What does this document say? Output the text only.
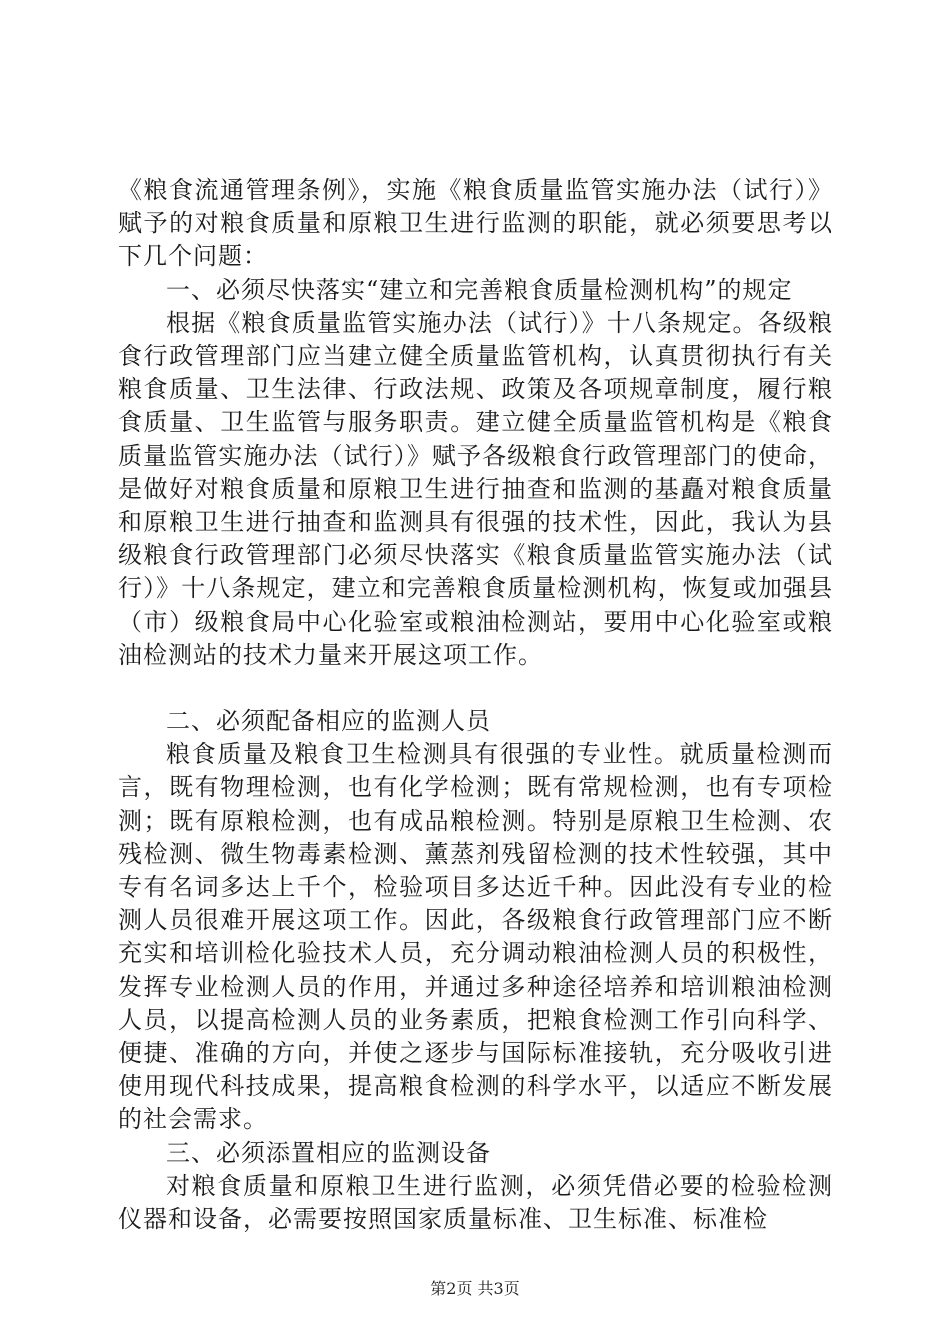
《粮食流通管理条例》，实施《粮食质量监管实施办法（试行）》赋予的对粮食质量和原粮卫生进行监测的职能，就必须要思考以下几个问题：

一、必须尽快落实“建立和完善粮食质量检测机构”的规定

根据《粮食质量监管实施办法（试行）》十八条规定。各级粮食行政管理部门应当建立健全质量监管机构，认真贯彻执行有关粮食质量、卫生法律、行政法规、政策及各项规章制度，履行粮食质量、卫生监管与服务职责。建立健全质量监管机构是《粮食质量监管实施办法（试行）》赋予各级粮食行政管理部门的使命，是做好对粮食质量和原粮卫生进行抽查和监测的基矗对粮食质量和原粮卫生进行抽查和监测具有很强的技术性，因此，我认为县级粮食行政管理部门必须尽快落实《粮食质量监管实施办法（试行）》十八条规定，建立和完善粮食质量检测机构，恢复或加强县（市）级粮食局中心化验室或粮油检测站，要用中心化验室或粮油检测站的技术力量来开展这项工作。

二、必须配备相应的监测人员

粮食质量及粮食卫生检测具有很强的专业性。就质量检测而言，既有物理检测，也有化学检测；既有常规检测，也有专项检测；既有原粮检测，也有成品粮检测。特别是原粮卫生检测、农残检测、微生物毒素检测、薰蒸剂残留检测的技术性较强，其中专有名词多达上千个，检验项目多达近千种。因此没有专业的检测人员很难开展这项工作。因此，各级粮食行政管理部门应不断充实和培训检化验技术人员，充分调动粮油检测人员的积极性，发挥专业检测人员的作用，并通过多种途径培养和培训粮油检测人员，以提高检测人员的业务素质，把粮食检测工作引向科学、便捷、准确的方向，并使之逐步与国际标准接轨，充分吸收引进使用现代科技成果，提高粮食检测的科学水平，以适应不断发展的社会需求。

三、必须添置相应的监测设备

对粮食质量和原粮卫生进行监测，必须凭借必要的检验检测仪器和设备，必需要按照国家质量标准、卫生标准、标准检

第2页 共3页
